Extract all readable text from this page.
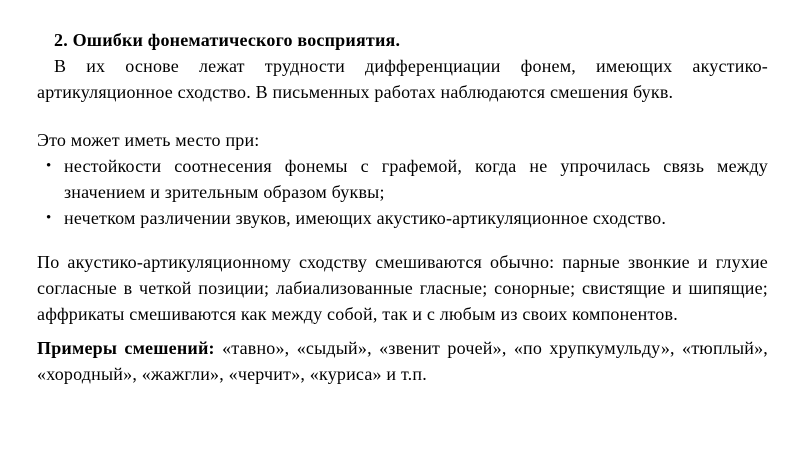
2. Ошибки фонематического восприятия.

В их основе лежат трудности дифференциации фонем, имеющих акустико-артикуляционное сходство. В письменных работах наблюдаются смешения букв.

Это может иметь место при:

• нестойкости соотнесения фонемы с графемой, когда не упрочилась связь между значением и зрительным образом буквы;
• нечетком различении звуков, имеющих акустико-артикуляционное сходство.

По акустико-артикуляционному сходству смешиваются обычно: парные звонкие и глухие согласные в четкой позиции; лабиализованные гласные; сонорные; свистящие и шипящие; аффрикаты смешиваются как между собой, так и с любым из своих компонентов.

Примеры смешений: «тавно», «сыдый», «звенит рочей», «по хрупкумульду», «тюплый», «хородный», «жажгли», «черчит», «куриса» и т.п.
